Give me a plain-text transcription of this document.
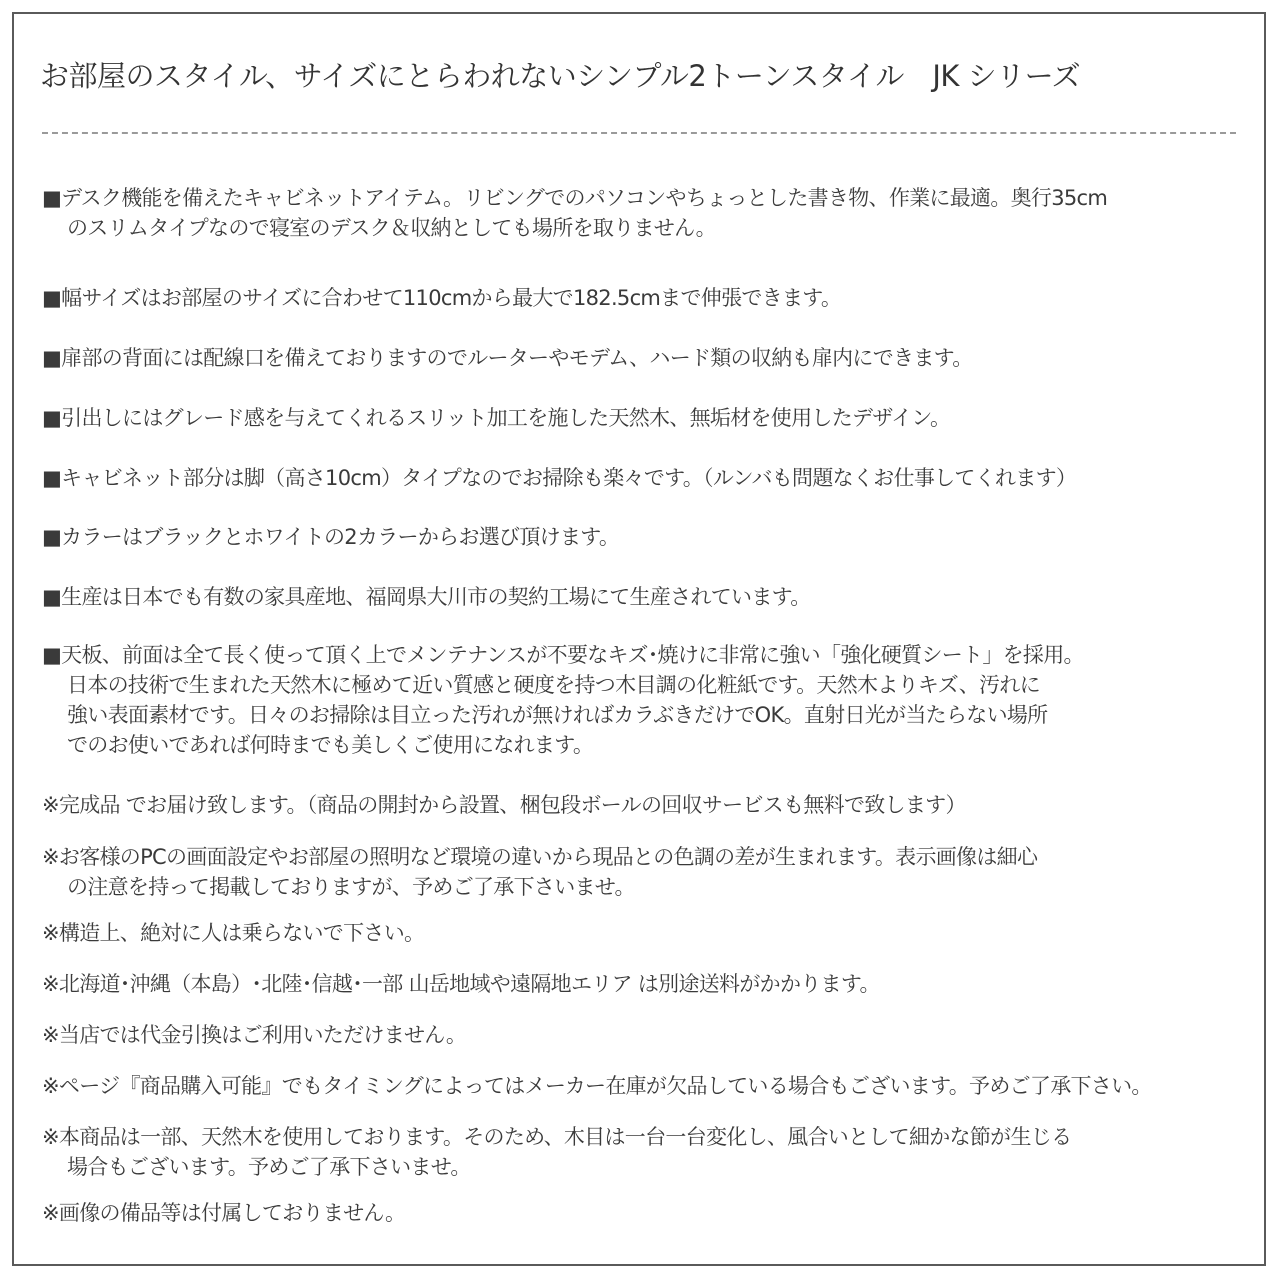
お部屋のスタイル、サイズにとらわれないシンプル2トーンスタイル　JK シリーズ
■デスク機能を備えたキャビネットアイテム。リビングでのパソコンやちょっとした書き物、作業に最適。奥行35cm
のスリムタイプなので寝室のデスク＆収納としても場所を取りません。
■幅サイズはお部屋のサイズに合わせて110cmから最大で182.5cmまで伸張できます。
■扉部の背面には配線口を備えておりますのでルーターやモデム、ハード類の収納も扉内にできます。
■引出しにはグレード感を与えてくれるスリット加工を施した天然木、無垢材を使用したデザイン。
■キャビネット部分は脚（高さ10cm）タイプなのでお掃除も楽々です。（ルンバも問題なくお仕事してくれます）
■カラーはブラックとホワイトの2カラーからお選び頂けます。
■生産は日本でも有数の家具産地、福岡県大川市の契約工場にて生産されています。
■天板、前面は全て長く使って頂く上でメンテナンスが不要なキズ･焼けに非常に強い「強化硬質シート」を採用。
日本の技術で生まれた天然木に極めて近い質感と硬度を持つ木目調の化粧紙です。天然木よりキズ、汚れに
強い表面素材です。日々のお掃除は目立った汚れが無ければカラぶきだけでOK。直射日光が当たらない場所
でのお使いであれば何時までも美しくご使用になれます。
※完成品 でお届け致します。（商品の開封から設置、梱包段ボールの回収サービスも無料で致します）
※お客様のPCの画面設定やお部屋の照明など環境の違いから現品との色調の差が生まれます。表示画像は細心
の注意を持って掲載しておりますが、予めご了承下さいませ。
※構造上、絶対に人は乗らないで下さい。
※北海道･沖縄（本島）･北陸･信越･一部 山岳地域や遠隔地エリア は別途送料がかかります。
※当店では代金引換はご利用いただけません。
※ページ『商品購入可能』でもタイミングによってはメーカー在庫が欠品している場合もございます。予めご了承下さい。
※本商品は一部、天然木を使用しております。そのため、木目は一台一台変化し、風合いとして細かな節が生じる
場合もございます。予めご了承下さいませ。
※画像の備品等は付属しておりません。
